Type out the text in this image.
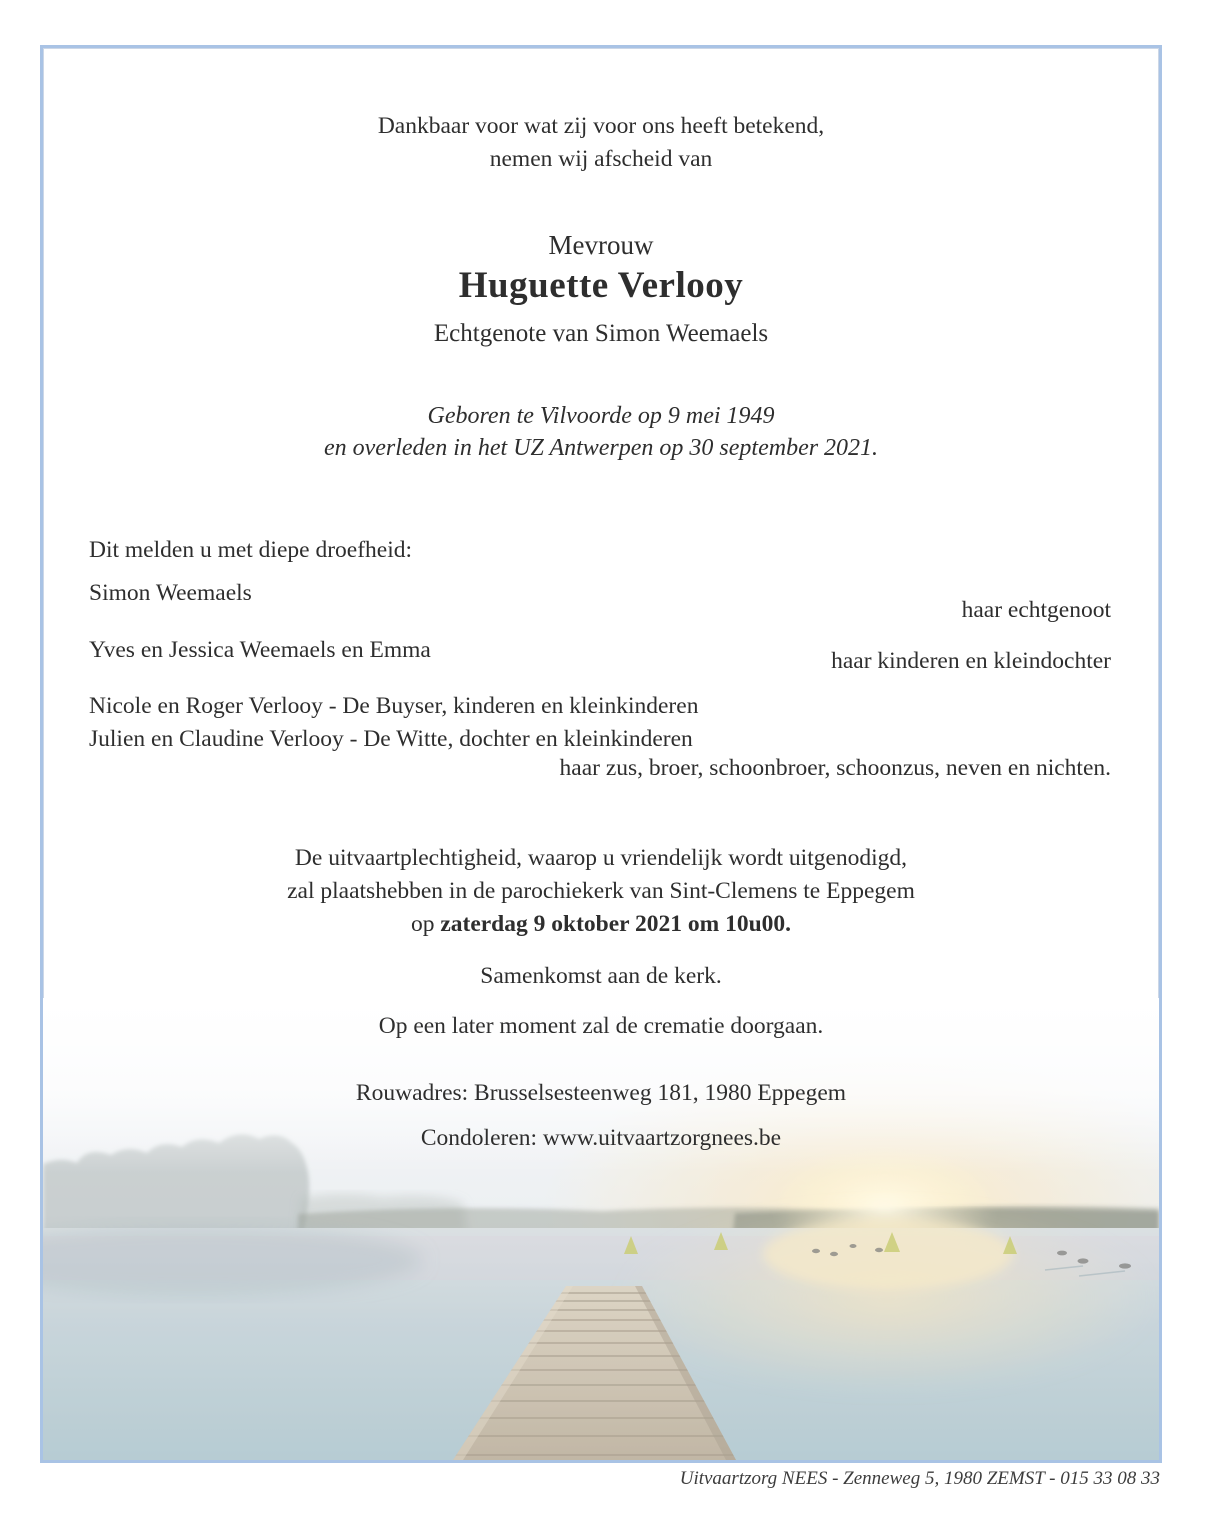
Dankbaar voor wat zij voor ons heeft betekend,
nemen wij afscheid van
Mevrouw
Huguette Verlooy
Echtgenote van Simon Weemaels
Geboren te Vilvoorde op 9 mei 1949
en overleden in het UZ Antwerpen op 30 september 2021.
Dit melden u met diepe droefheid:
Simon Weemaels
haar echtgenoot
Yves en Jessica Weemaels en Emma	haar kinderen en kleindochter
Nicole en Roger Verlooy - De Buyser, kinderen en kleinkinderen
Julien en Claudine Verlooy - De Witte, dochter en kleinkinderen
haar zus, broer, schoonbroer, schoonzus, neven en nichten.
De uitvaartplechtigheid, waarop u vriendelijk wordt uitgenodigd,
zal plaatshebben in de parochiekerk van Sint-Clemens te Eppegem
op zaterdag 9 oktober 2021 om 10u00.
Samenkomst aan de kerk.
Op een later moment zal de crematie doorgaan.
Rouwadres: Brusselsesteenweg 181, 1980 Eppegem
Condoleren: www.uitvaartzorgnees.be
Uitvaartzorg NEES - Zenneweg 5, 1980 ZEMST - 015 33 08 33
